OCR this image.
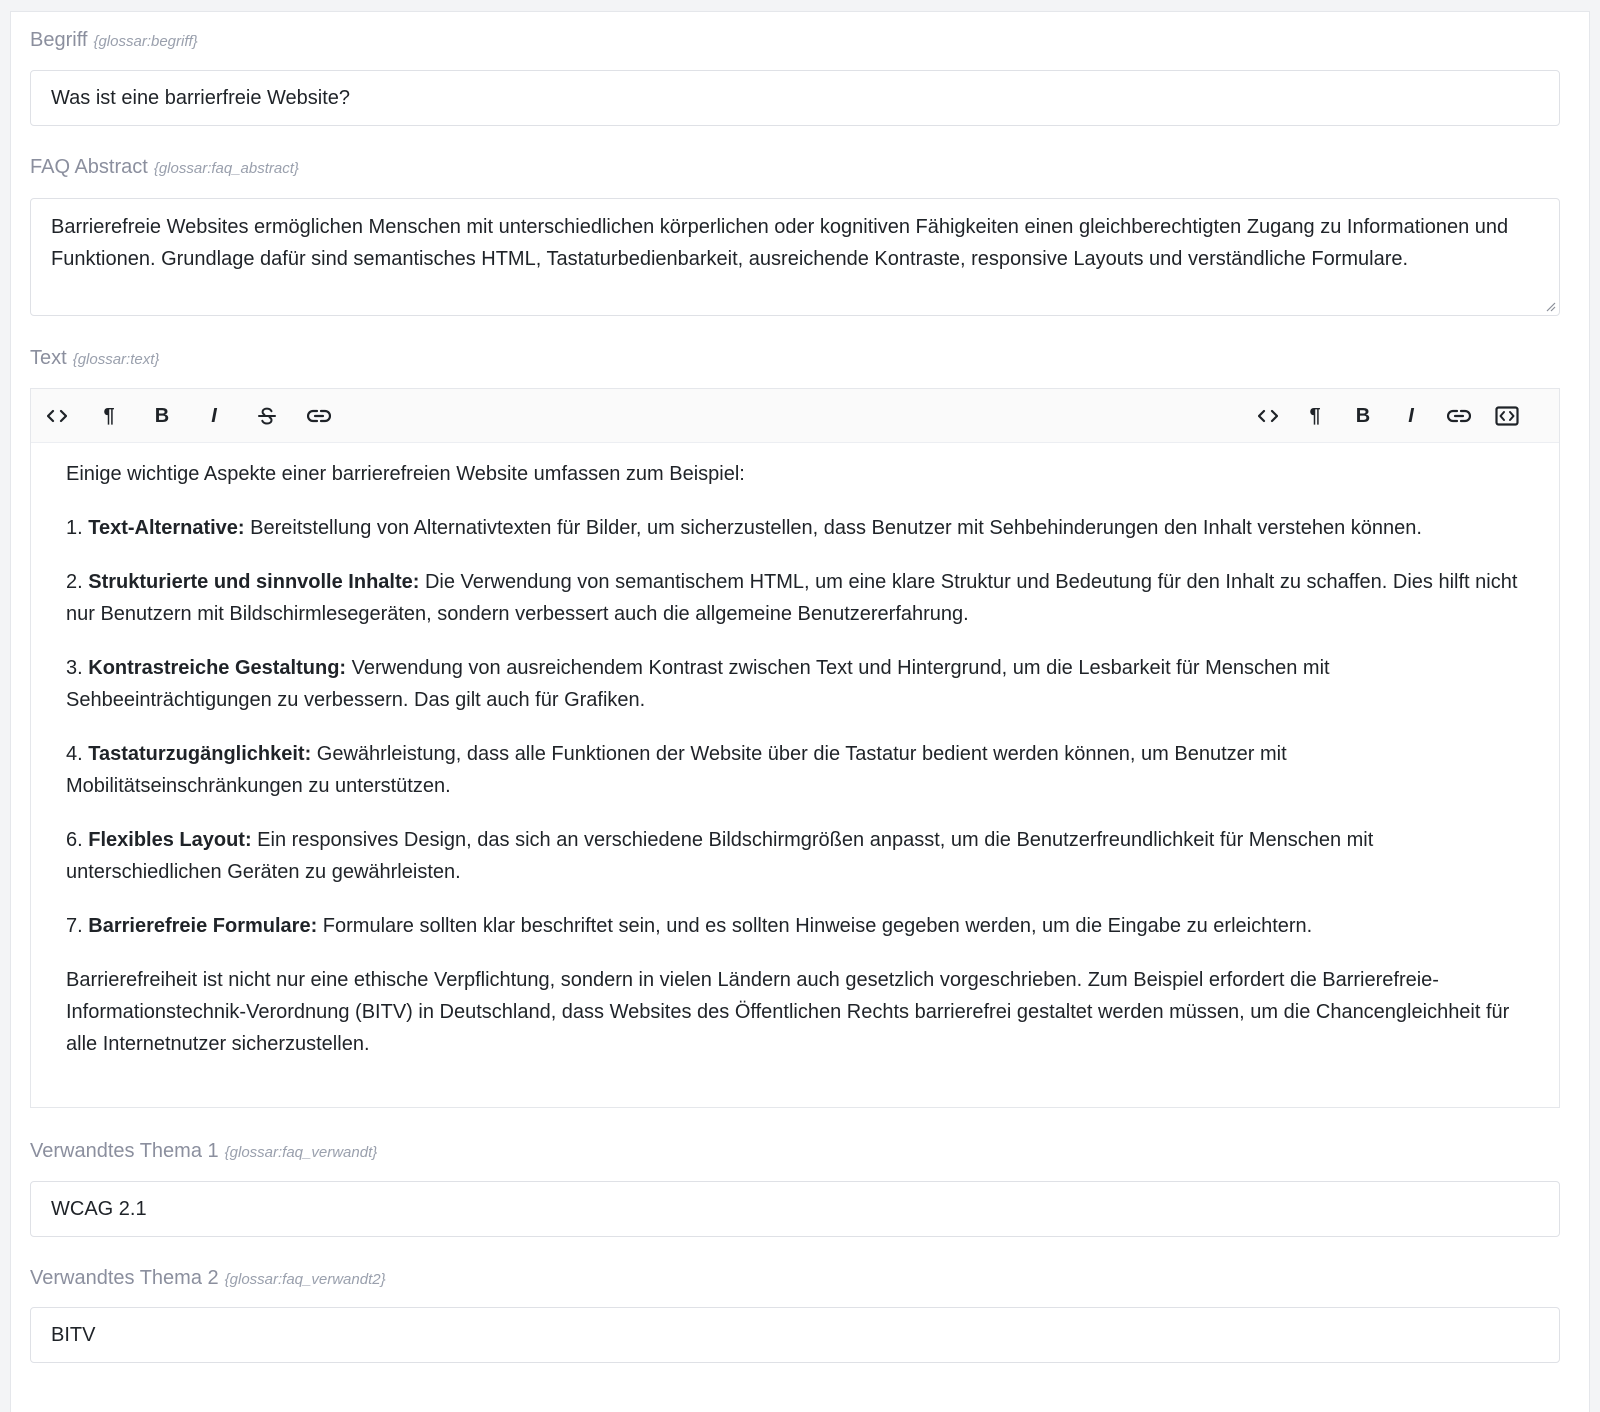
Begriff {glossar:begriff}
Was ist eine barrierfreie Website?
FAQ Abstract {glossar:faq_abstract}
Barrierefreie Websites ermöglichen Menschen mit unterschiedlichen körperlichen oder kognitiven Fähigkeiten einen gleichberechtigten Zugang zu Informationen und Funktionen. Grundlage dafür sind semantisches HTML, Tastaturbedienbarkeit, ausreichende Kontraste, responsive Layouts und verständliche Formulare.
Text {glossar:text}
¶	B	I	¶	B	I

Einige wichtige Aspekte einer barrierefreien Website umfassen zum Beispiel:

1. Text-Alternative: Bereitstellung von Alternativtexten für Bilder, um sicherzustellen, dass Benutzer mit Sehbehinderungen den Inhalt verstehen können.

2. Strukturierte und sinnvolle Inhalte: Die Verwendung von semantischem HTML, um eine klare Struktur und Bedeutung für den Inhalt zu schaffen. Dies hilft nicht nur Benutzern mit Bildschirmlesegeräten, sondern verbessert auch die allgemeine Benutzererfahrung.

3. Kontrastreiche Gestaltung: Verwendung von ausreichendem Kontrast zwischen Text und Hintergrund, um die Lesbarkeit für Menschen mit Sehbeeinträchtigungen zu verbessern. Das gilt auch für Grafiken.

4. Tastaturzugänglichkeit: Gewährleistung, dass alle Funktionen der Website über die Tastatur bedient werden können, um Benutzer mit Mobilitätseinschränkungen zu unterstützen.

6. Flexibles Layout: Ein responsives Design, das sich an verschiedene Bildschirmgrößen anpasst, um die Benutzerfreundlichkeit für Menschen mit unterschiedlichen Geräten zu gewährleisten.

7. Barrierefreie Formulare: Formulare sollten klar beschriftet sein, und es sollten Hinweise gegeben werden, um die Eingabe zu erleichtern.

Barrierefreiheit ist nicht nur eine ethische Verpflichtung, sondern in vielen Ländern auch gesetzlich vorgeschrieben. Zum Beispiel erfordert die Barrierefreie-Informationstechnik-Verordnung (BITV) in Deutschland, dass Websites des Öffentlichen Rechts barrierefrei gestaltet werden müssen, um die Chancengleichheit für alle Internetnutzer sicherzustellen.

Verwandtes Thema 1 {glossar:faq_verwandt}
WCAG 2.1
Verwandtes Thema 2 {glossar:faq_verwandt2}
BITV
